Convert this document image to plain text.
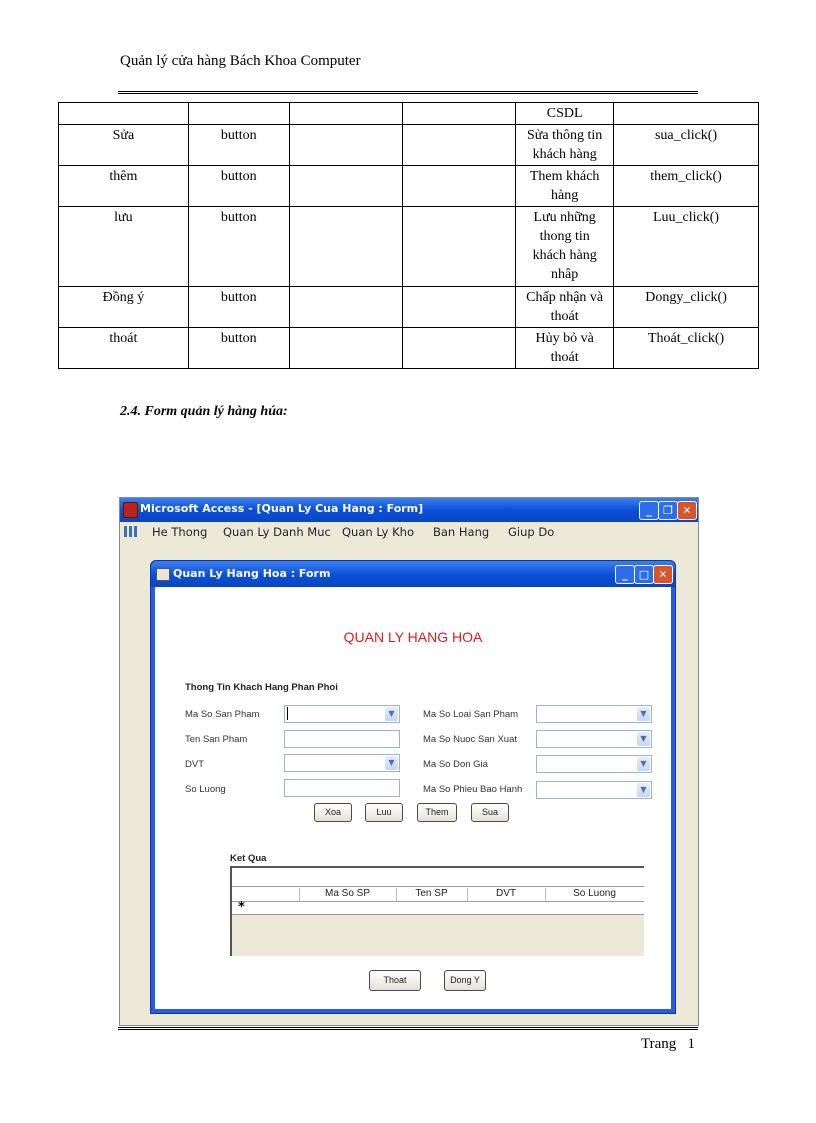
Quản lý cửa hàng Bách Khoa Computer
				CSDL	
Sửa	button			Sửa thông tin khách hàng	sua_click()
thêm	button			Them khách hàng	them_click()
lưu	button			Lưu những thong tin khách hàng nhâp	Luu_click()
Đồng ý	button			Chấp nhận và thoát	Dongy_click()
thoát	button			Hủy bỏ và thoát	Thoát_click()
2.4. Form quản lý hàng húa:
Microsoft Access - [Quan Ly Cua Hang : Form]	_	❐ ✕
He Thong Quan Ly Danh Muc Quan Ly Kho Ban Hang Giup Do
Quan Ly Hang Hoa : Form	_	□ ✕
QUAN LY HANG HOA
Thong Tin Khach Hang Phan Phoi
Ma So San Pham	▼
Ten San Pham
DVT	▼
So Luong
Ma So Loai San Pham	▼
Ma So Nuoc San Xuat	▼
Ma So Don Gia	▼
Ma So Phieu Bao Hanh	▼
Xoa	Luu	Them	Sua
Ket Qua
Ma So SP	Ten SP	DVT	So Luong
*
Thoat	Dong Y
Trang   1
